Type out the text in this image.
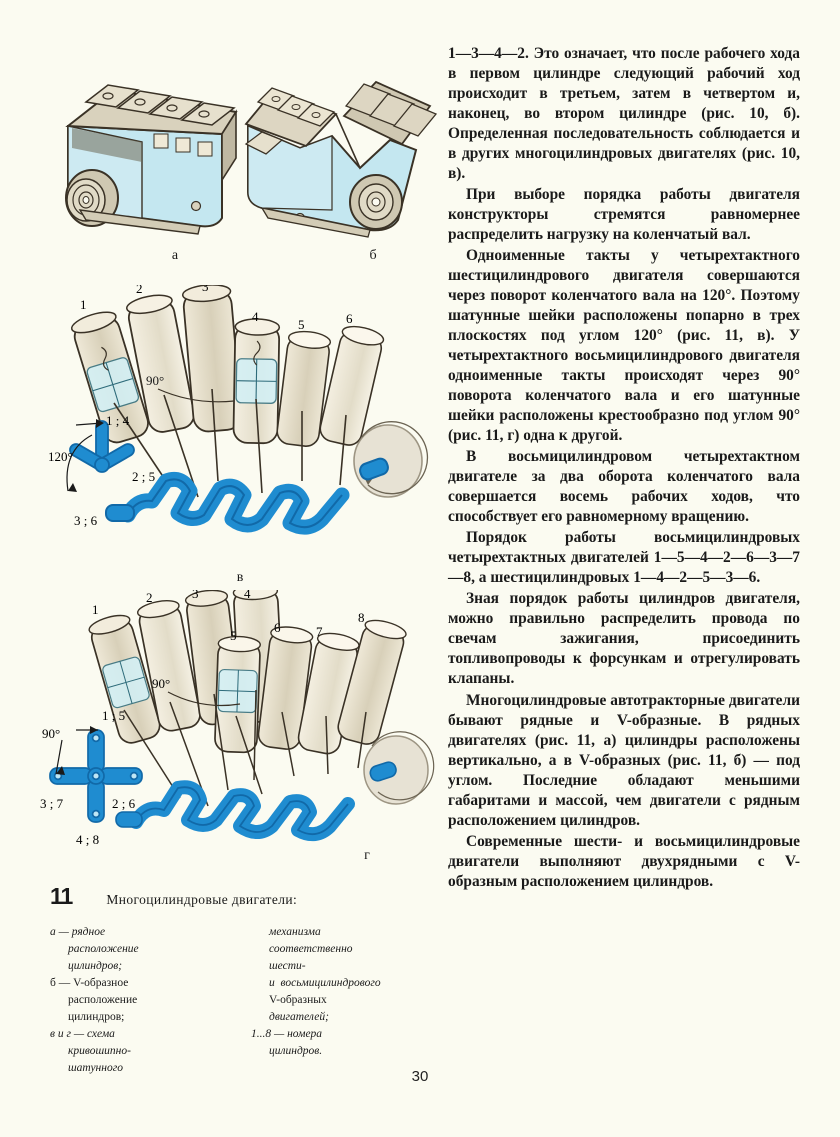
а	б
90°
120°
1 ; 4
2 ; 5
3 ; 6
1
2	3
4
5	6
в
90°
90°
1 ; 5
2 ; 6
3 ; 7
4 ; 8
1
2	3	4
5
6	7
8
г
11	Многоцилиндровые двигатели:
а — рядное
расположение
цилиндров;
б — V-образное
расположение
цилиндров;
в и г — схема
кривошипно-
шатунного
механизма
соответственно
шести-
и  восьмицилиндрового
V-образных
двигателей;
1...8 — номера
цилиндров.

1—3—4—2. Это означает, что после рабочего хода в первом цилиндре следующий рабочий ход происходит в третьем, затем в четвертом и, наконец, во втором цилиндре (рис. 10, б). Определенная последовательность соблюдается и в других многоцилиндровых двигателях (рис. 10, в).

При выборе порядка работы двигателя конструкторы стремятся равномернее распределить нагрузку на коленчатый вал.

Одноименные такты у четырехтактного шестицилиндрового двигателя совершаются через поворот коленчатого вала на 120°. Поэтому шатунные шейки расположены попарно в трех плоскостях под углом 120° (рис. 11, в). У четырехтактного восьмицилиндрового двигателя одноименные такты происходят через 90° поворота коленчатого вала и его шатунные шейки расположены крестообразно под углом 90° (рис. 11, г) одна к другой.

В восьмицилиндровом четырехтактном двигателе за два оборота коленчатого вала совершается восемь рабочих ходов, что способствует его равномерному вращению.

Порядок работы восьмицилиндровых четырехтактных двигателей 1—5—4—2—6—3—7—8, а шестицилиндровых 1—4—2—5—3—6.

Зная порядок работы цилиндров двигателя, можно правильно распределить провода по свечам зажигания, присоединить топливопроводы к форсункам и отрегулировать клапаны.

Многоцилиндровые автотракторные двигатели бывают рядные и V-образные. В рядных двигателях (рис. 11, а) цилиндры расположены вертикально, а в V-образных (рис. 11, б) — под углом. Последние обладают меньшими габаритами и массой, чем двигатели с рядным расположением цилиндров.

Современные шести- и восьмицилиндровые двигатели выполняют двухрядными с V-образным расположением цилиндров.

30
